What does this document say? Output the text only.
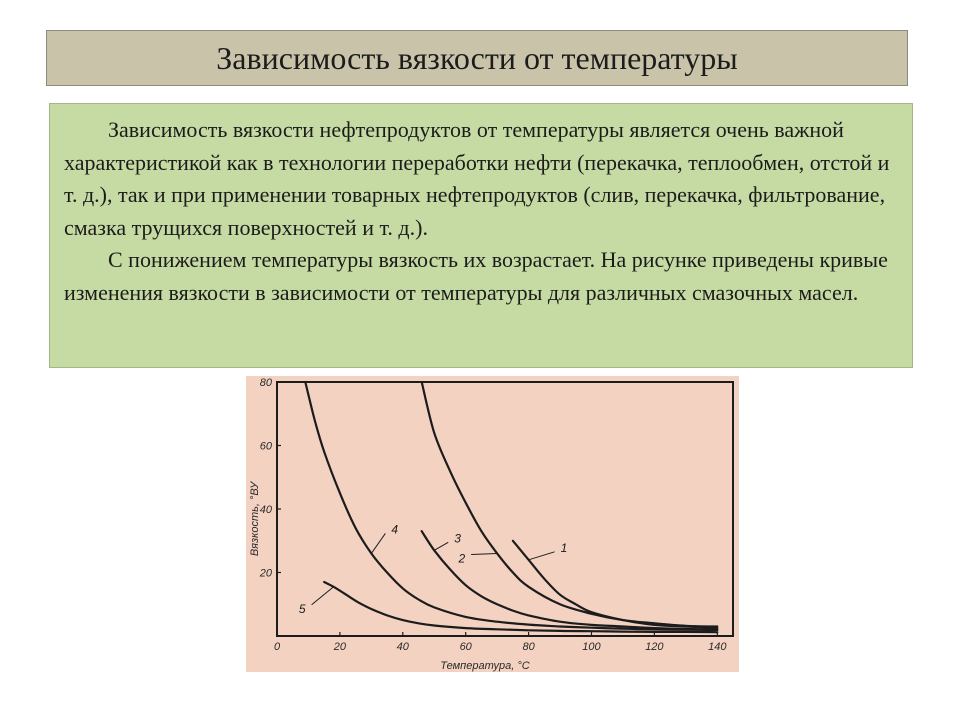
Зависимость вязкости от температуры

Зависимость вязкости нефтепродуктов от температуры является очень важной характеристикой как в технологии переработки нефти (перекачка, теплообмен, отстой и т. д.), так и при применении товарных нефтепродуктов (слив, перекачка, фильтрование, смазка трущихся поверхностей и т. д.).

С понижением температуры вязкость их возрастает. На рисунке приведены кривые изменения вязкости в зависимости от температуры для различных смазочных масел.

0	20	40	60	80	100	120	140
20
40
60
80
1
2
3
4
5
Температура, °С
Вязкость, °ВУ
